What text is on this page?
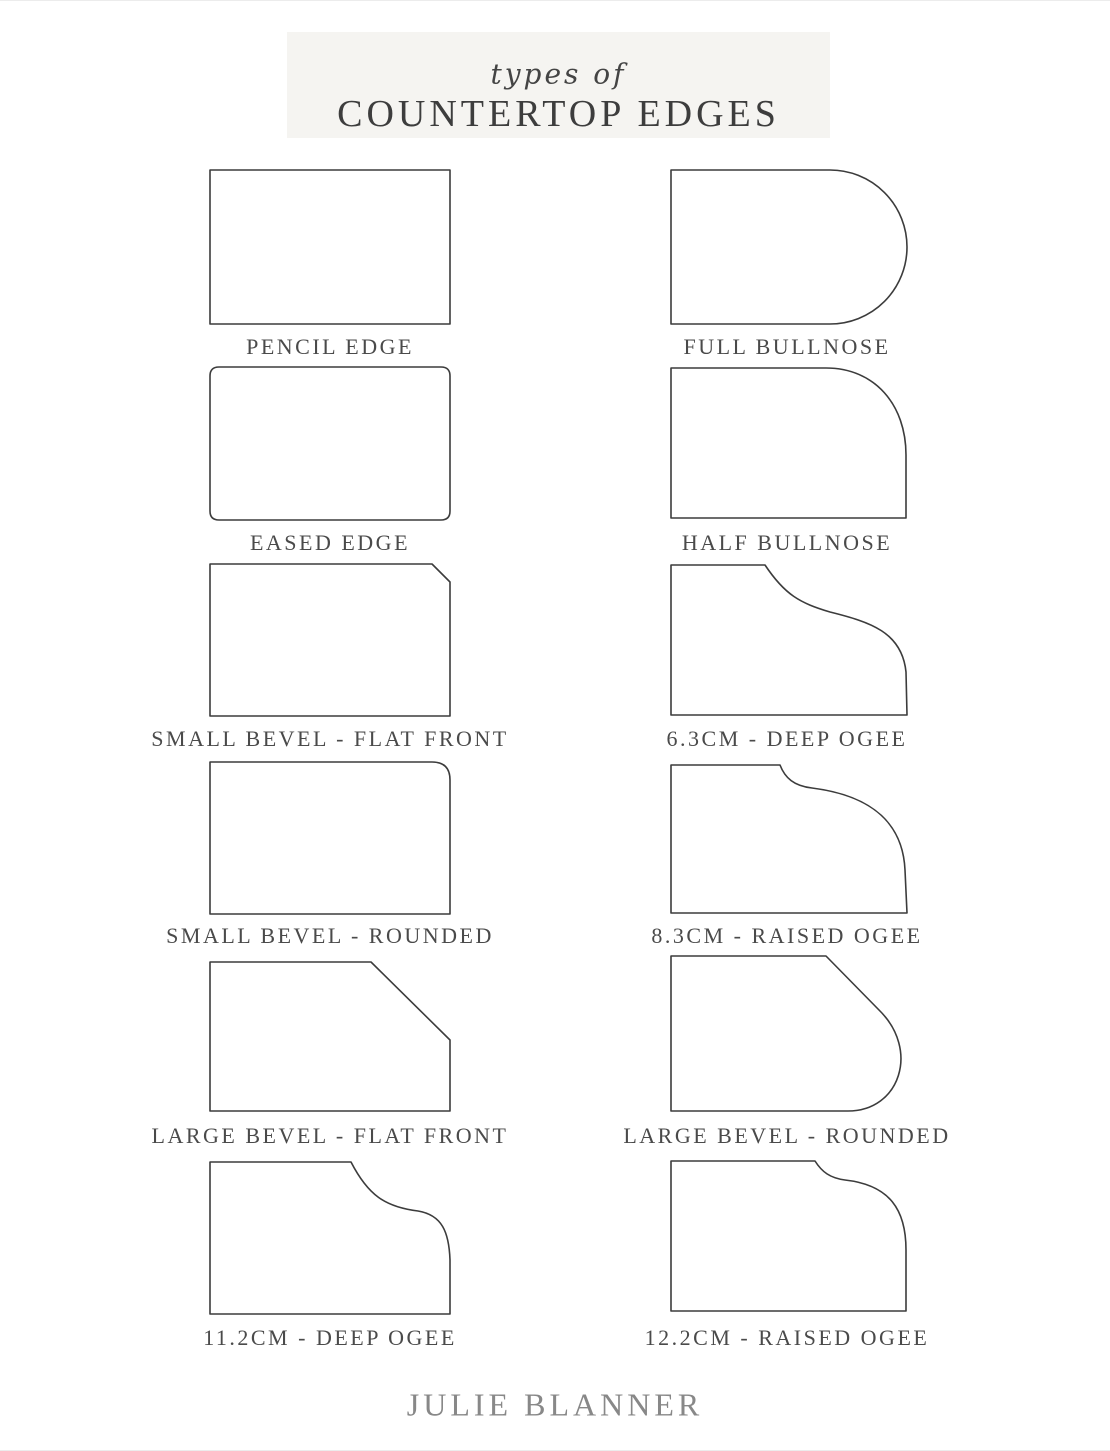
types of
COUNTERTOP EDGES
PENCIL EDGE	FULL BULLNOSE
EASED EDGE	HALF BULLNOSE
SMALL BEVEL - FLAT FRONT	6.3CM - DEEP OGEE
SMALL BEVEL - ROUNDED	8.3CM - RAISED OGEE
LARGE BEVEL - FLAT FRONT	LARGE BEVEL - ROUNDED
11.2CM - DEEP OGEE	12.2CM - RAISED OGEE
JULIE BLANNER
